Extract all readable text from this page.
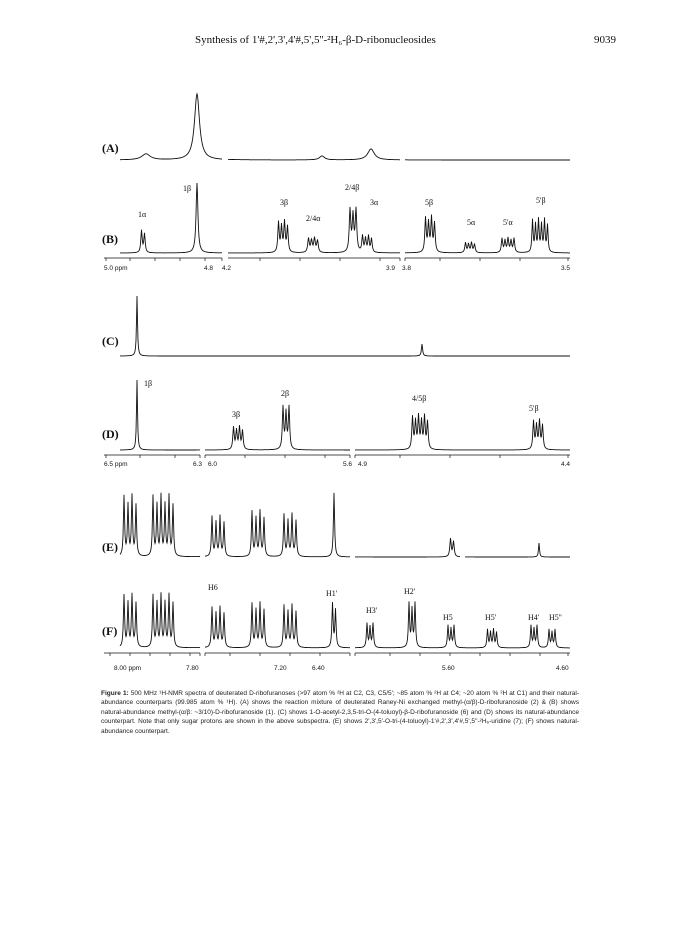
Synthesis of 1'#,2',3',4'#,5',5''-²H₆-β-D-ribonucleosides	9039
(A)
(B)
(C)
(D)
(E)
(F)
1α
1β
3β
2/4α
2/4β
3α	5β
5α	5'α
5'β
1β
3β
2β
4/5β
5'β
H6
H1'
H3'
H2'
H5	H5'	H4' H5''
5.0 ppm	4.8 4.2	3.9 3.8	3.5
6.5 ppm	6.3 6.0	5.6 4.9	4.4
8.00 ppm	7.80	7.20	6.40	5.60	4.60
Figure 1: 500 MHz ¹H-NMR spectra of deuterated D-ribofuranoses (>97 atom % ²H at C2, C3, C5/5'; ~85 atom % ²H at C4; ~20 atom % ²H at C1) and their natural-abundance counterparts (99.985 atom % ¹H). (A) shows the reaction mixture of deuterated Raney-Ni exchanged methyl-(α/β)-D-ribofuranoside (2) & (B) shows natural-abundance methyl-(α/β: ~3/10)-D-ribofuranoside (1). (C) shows 1-O-acetyl-2,3,5-tri-O-(4-toluoyl)-β-D-ribofuranoside (6) and (D) shows its natural-abundance counterpart. Note that only sugar protons are shown in the above subspectra. (E) shows 2',3',5'-O-tri-(4-toluoyl)-1'#,2',3',4'#,5',5''-²H₆-uridine (7); (F) shows natural-abundance counterpart.
